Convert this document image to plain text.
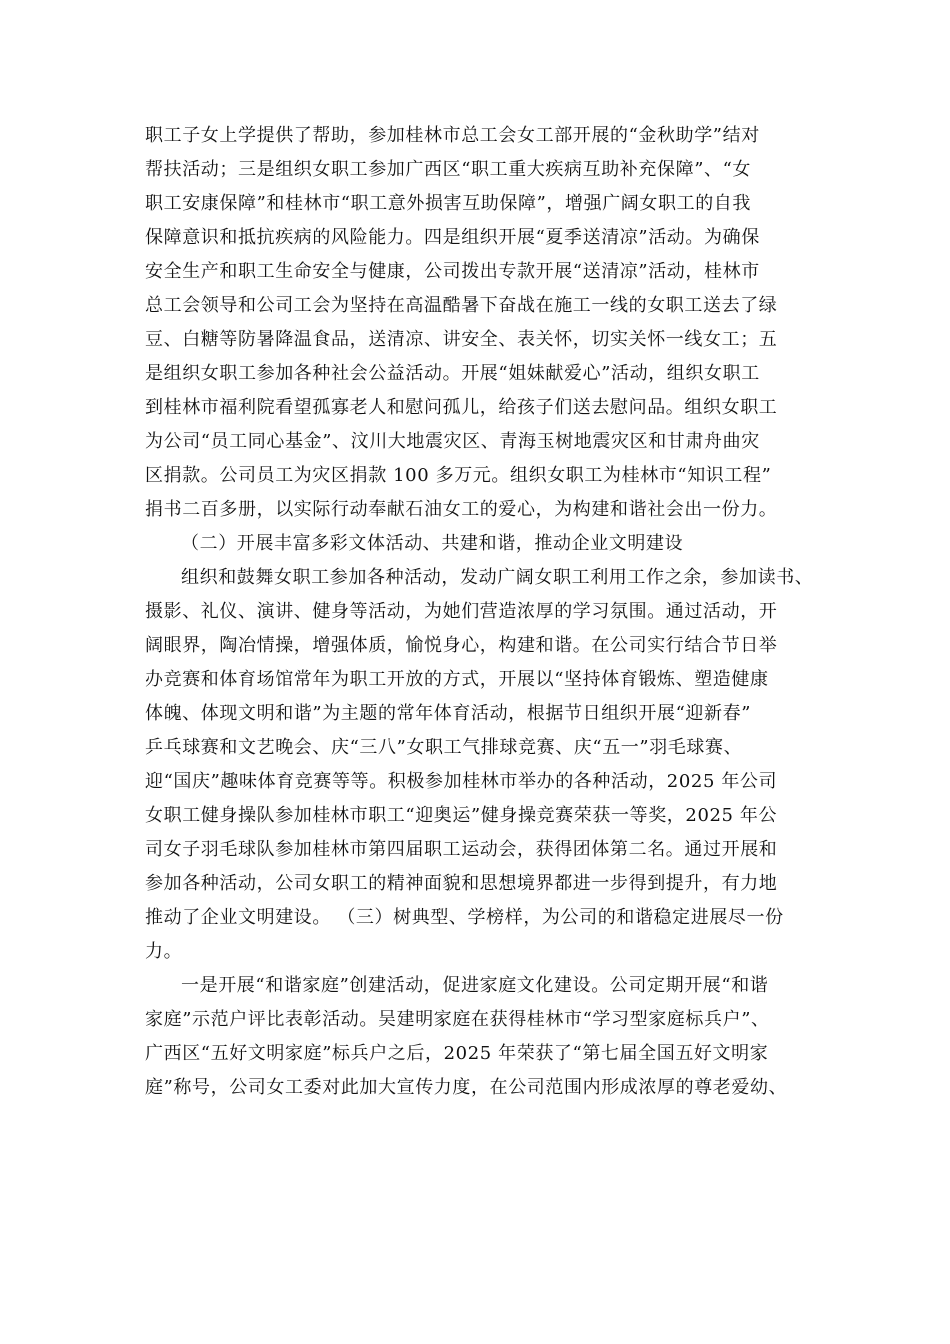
职工子女上学提供了帮助，参加桂林市总工会女工部开展的“金秋助学”结对
帮扶活动；三是组织女职工参加广西区“职工重大疾病互助补充保障”、“女
职工安康保障”和桂林市“职工意外损害互助保障”，增强广阔女职工的自我
保障意识和抵抗疾病的风险能力。四是组织开展“夏季送清凉”活动。为确保
安全生产和职工生命安全与健康，公司拨出专款开展“送清凉”活动，桂林市
总工会领导和公司工会为坚持在高温酷暑下奋战在施工一线的女职工送去了绿
豆、白糖等防暑降温食品，送清凉、讲安全、表关怀，切实关怀一线女工；五
是组织女职工参加各种社会公益活动。开展“姐妹献爱心”活动，组织女职工
到桂林市福利院看望孤寡老人和慰问孤儿，给孩子们送去慰问品。组织女职工
为公司“员工同心基金”、汶川大地震灾区、青海玉树地震灾区和甘肃舟曲灾
区捐款。公司员工为灾区捐款 100 多万元。组织女职工为桂林市“知识工程”
捐书二百多册，以实际行动奉献石油女工的爱心，为构建和谐社会出一份力。
（二）开展丰富多彩文体活动、共建和谐，推动企业文明建设
组织和鼓舞女职工参加各种活动，发动广阔女职工利用工作之余，参加读书、
摄影、礼仪、演讲、健身等活动，为她们营造浓厚的学习氛围。通过活动，开
阔眼界，陶冶情操，增强体质，愉悦身心，构建和谐。在公司实行结合节日举
办竞赛和体育场馆常年为职工开放的方式，开展以“坚持体育锻炼、塑造健康
体魄、体现文明和谐”为主题的常年体育活动，根据节日组织开展“迎新春”
乒乓球赛和文艺晚会、庆“三八”女职工气排球竞赛、庆“五一”羽毛球赛、
迎“国庆”趣味体育竞赛等等。积极参加桂林市举办的各种活动，2025 年公司
女职工健身操队参加桂林市职工“迎奥运”健身操竞赛荣获一等奖，2025 年公
司女子羽毛球队参加桂林市第四届职工运动会，获得团体第二名。通过开展和
参加各种活动，公司女职工的精神面貌和思想境界都进一步得到提升，有力地
推动了企业文明建设。 （三）树典型、学榜样，为公司的和谐稳定进展尽一份
力。
一是开展“和谐家庭”创建活动，促进家庭文化建设。公司定期开展“和谐
家庭”示范户评比表彰活动。吴建明家庭在获得桂林市“学习型家庭标兵户”、
广西区“五好文明家庭”标兵户之后，2025 年荣获了“第七届全国五好文明家
庭”称号，公司女工委对此加大宣传力度，在公司范围内形成浓厚的尊老爱幼、
